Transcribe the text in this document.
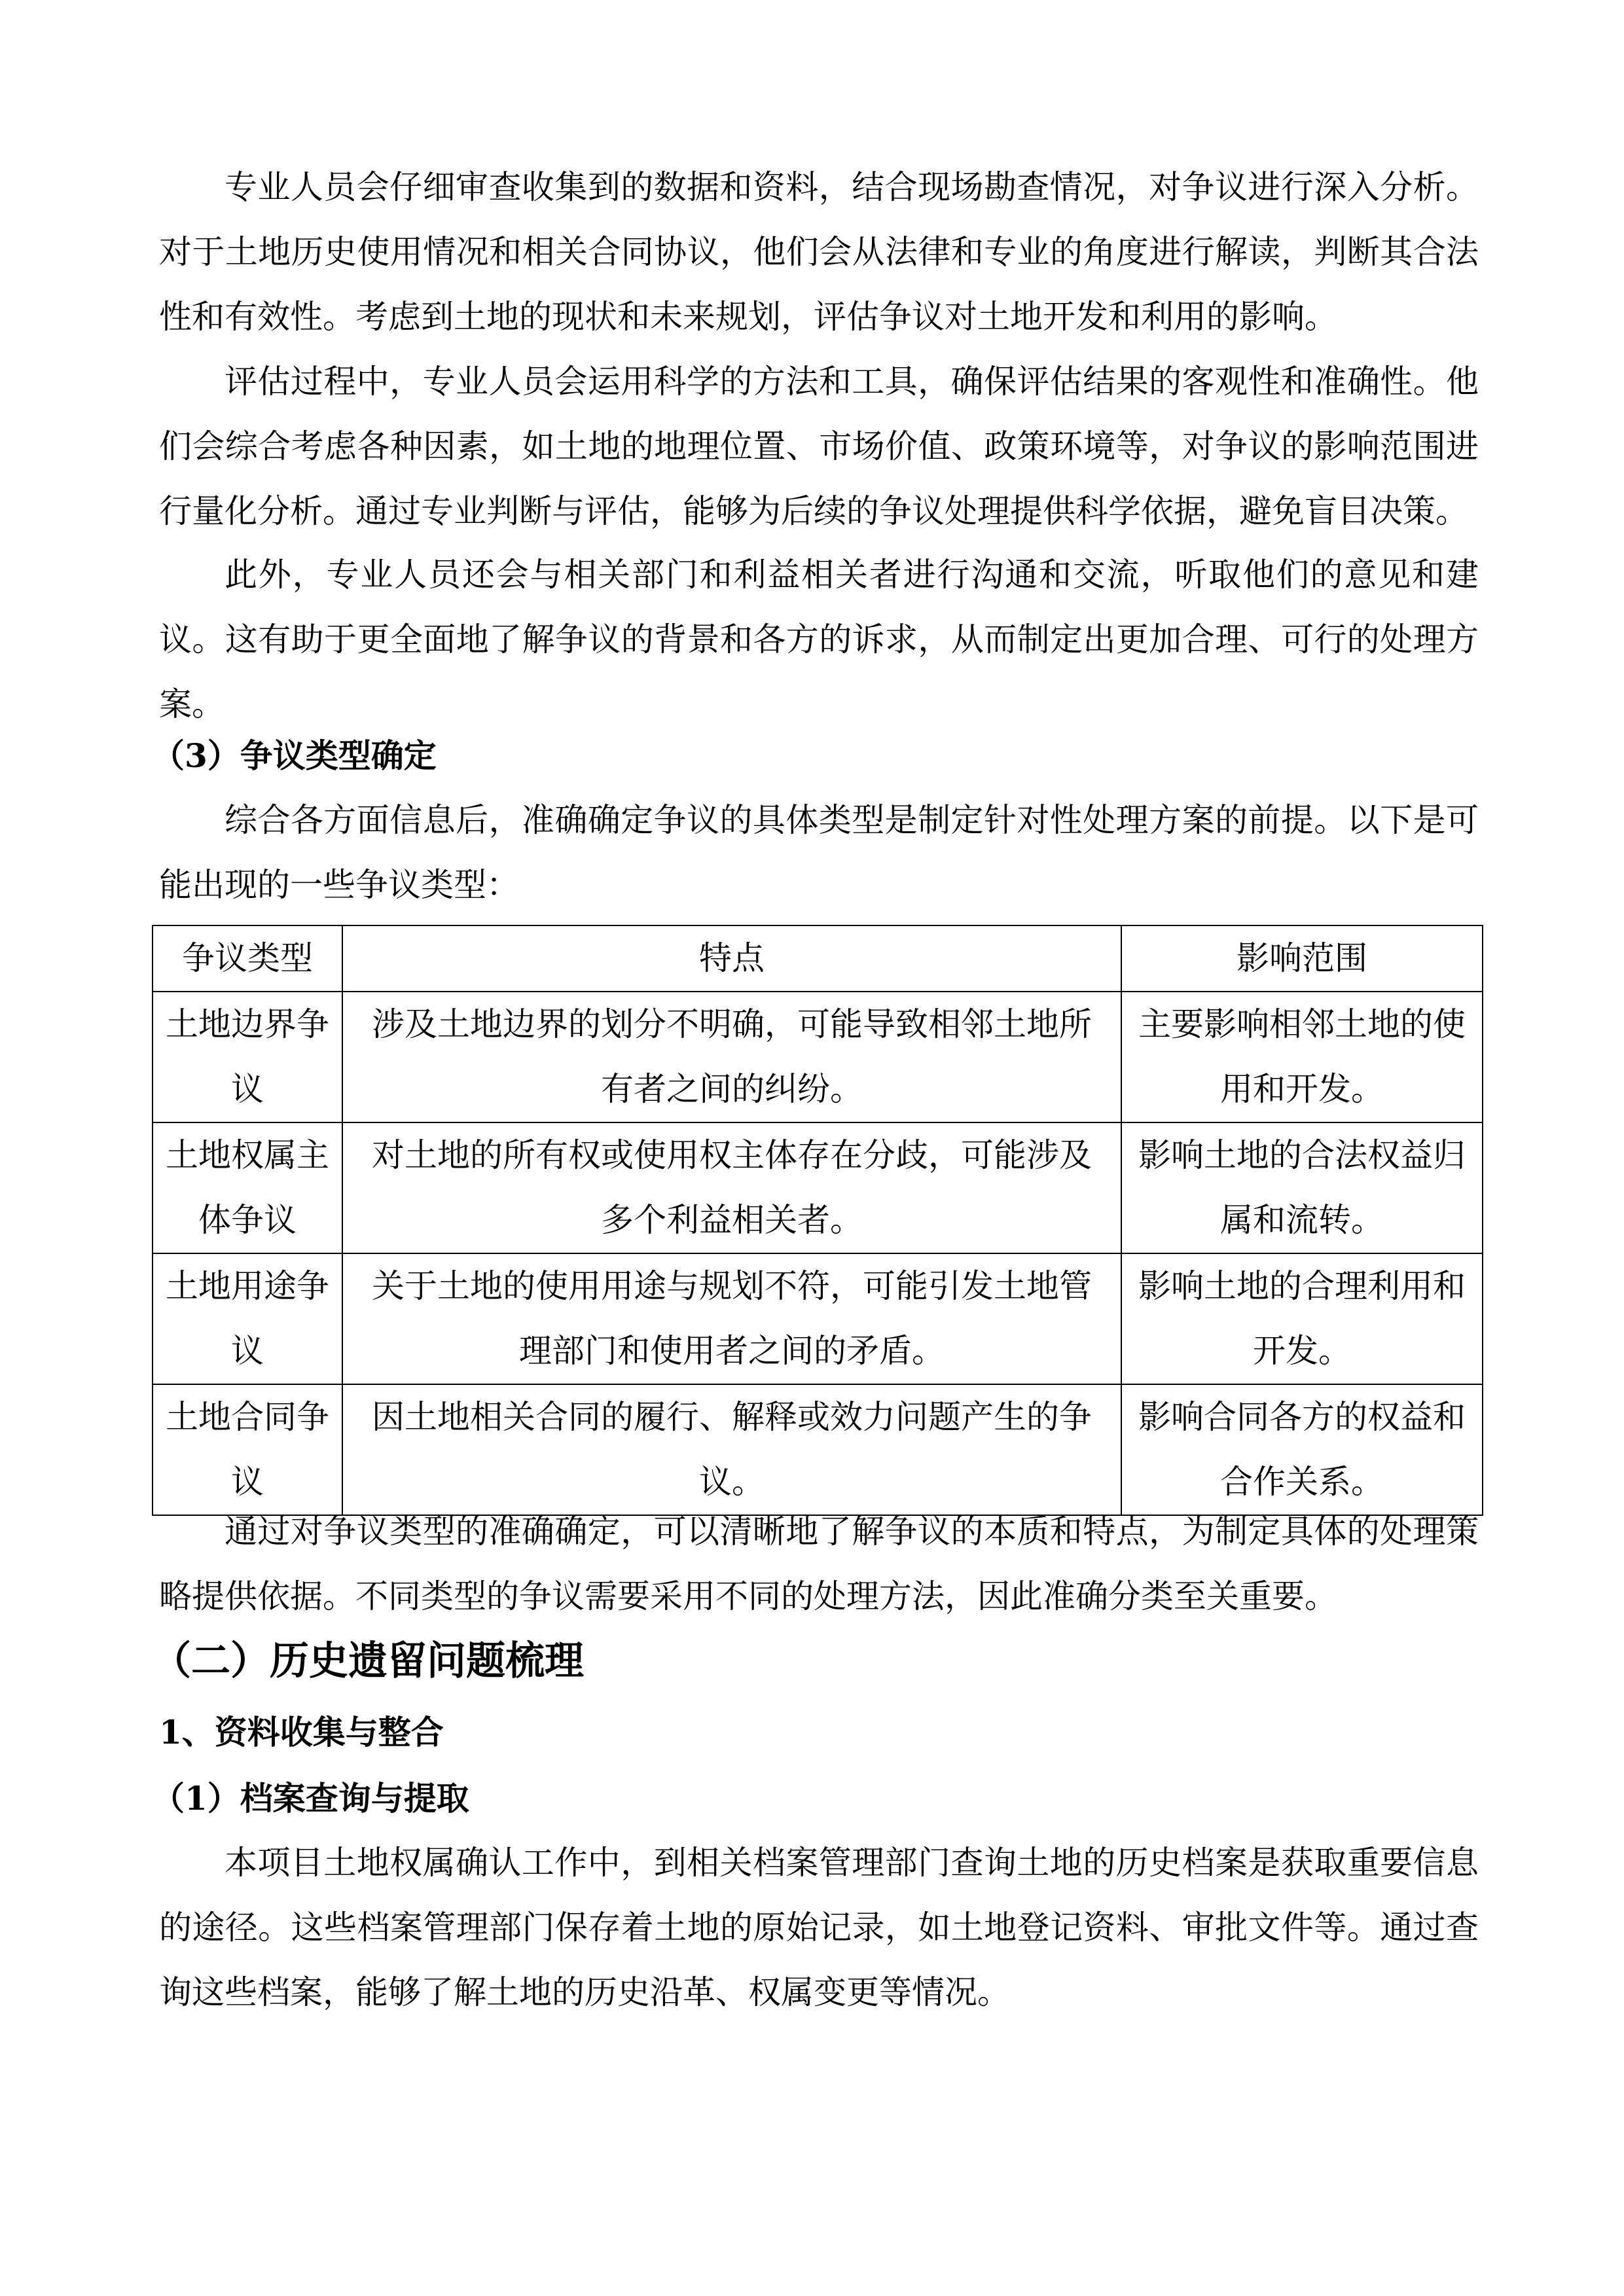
专业人员会仔细审查收集到的数据和资料，结合现场勘查情况，对争议进行深入分析。对于土地历史使用情况和相关合同协议，他们会从法律和专业的角度进行解读，判断其合法性和有效性。考虑到土地的现状和未来规划，评估争议对土地开发和利用的影响。
评估过程中，专业人员会运用科学的方法和工具，确保评估结果的客观性和准确性。他们会综合考虑各种因素，如土地的地理位置、市场价值、政策环境等，对争议的影响范围进行量化分析。通过专业判断与评估，能够为后续的争议处理提供科学依据，避免盲目决策。
此外，专业人员还会与相关部门和利益相关者进行沟通和交流，听取他们的意见和建议。这有助于更全面地了解争议的背景和各方的诉求，从而制定出更加合理、可行的处理方案。
（3）争议类型确定
综合各方面信息后，准确确定争议的具体类型是制定针对性处理方案的前提。以下是可能出现的一些争议类型：
争议类型	特点	影响范围
土地边界争议	涉及土地边界的划分不明确，可能导致相邻土地所有者之间的纠纷。	主要影响相邻土地的使用和开发。
土地权属主体争议	对土地的所有权或使用权主体存在分歧，可能涉及多个利益相关者。	影响土地的合法权益归属和流转。
土地用途争议	关于土地的使用用途与规划不符，可能引发土地管理部门和使用者之间的矛盾。	影响土地的合理利用和开发。
土地合同争议	因土地相关合同的履行、解释或效力问题产生的争议。	影响合同各方的权益和合作关系。
通过对争议类型的准确确定，可以清晰地了解争议的本质和特点，为制定具体的处理策略提供依据。不同类型的争议需要采用不同的处理方法，因此准确分类至关重要。
（二）历史遗留问题梳理
1、资料收集与整合
（1）档案查询与提取
本项目土地权属确认工作中，到相关档案管理部门查询土地的历史档案是获取重要信息的途径。这些档案管理部门保存着土地的原始记录，如土地登记资料、审批文件等。通过查询这些档案，能够了解土地的历史沿革、权属变更等情况。
